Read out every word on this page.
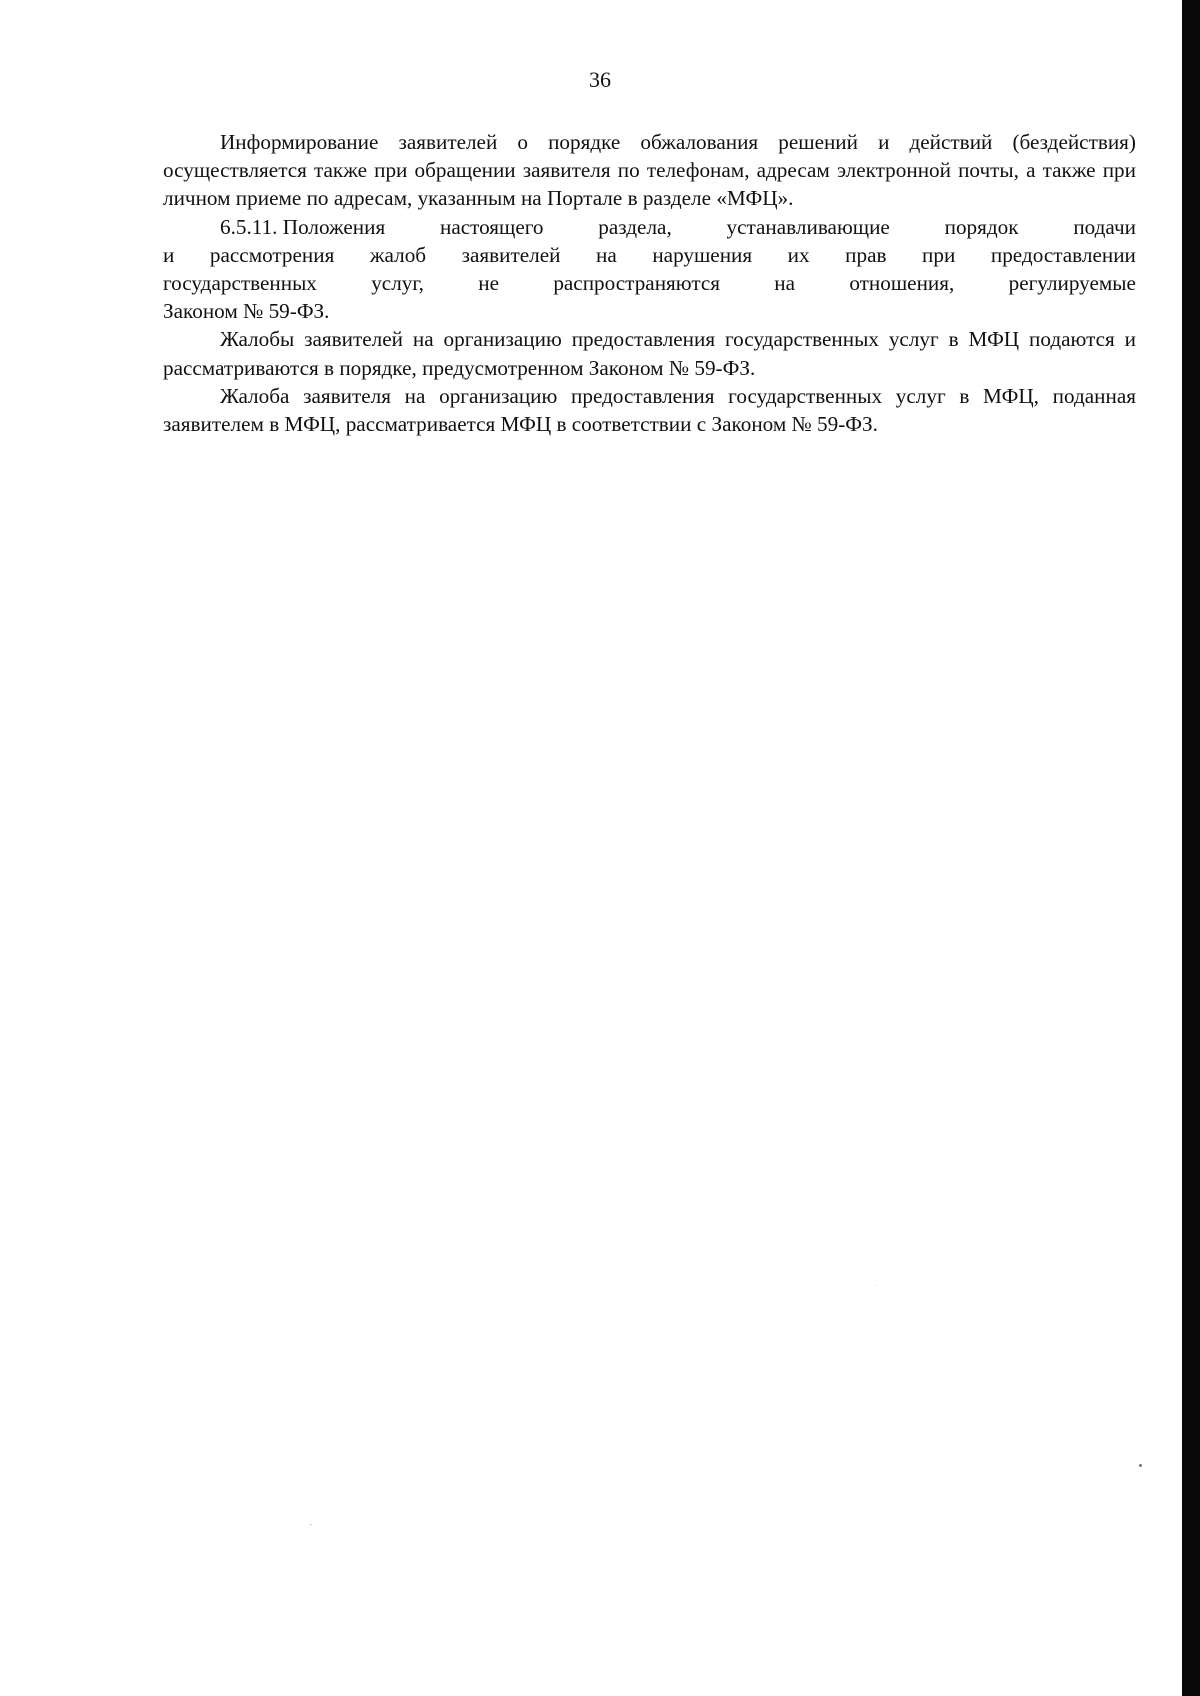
36

Информирование заявителей о порядке обжалования решений и действий (бездействия) осуществляется также при обращении заявителя по телефонам, адресам электронной почты, а также при личном приеме по адресам, указанным на Портале в разделе «МФЦ».

6.5.11. Положения	настоящего	раздела,	устанавливающие	порядок	подачи
и рассмотрения жалоб заявителей на нарушения их прав при предоставлении
государственных	услуг,	не	распространяются	на	отношения,	регулируемые
Законом № 59-ФЗ.

Жалобы заявителей на организацию предоставления государственных услуг в МФЦ подаются и рассматриваются в порядке, предусмотренном Законом № 59-ФЗ.

Жалоба заявителя на организацию предоставления государственных услуг в МФЦ, поданная заявителем в МФЦ, рассматривается МФЦ в соответствии с Законом № 59-ФЗ.
